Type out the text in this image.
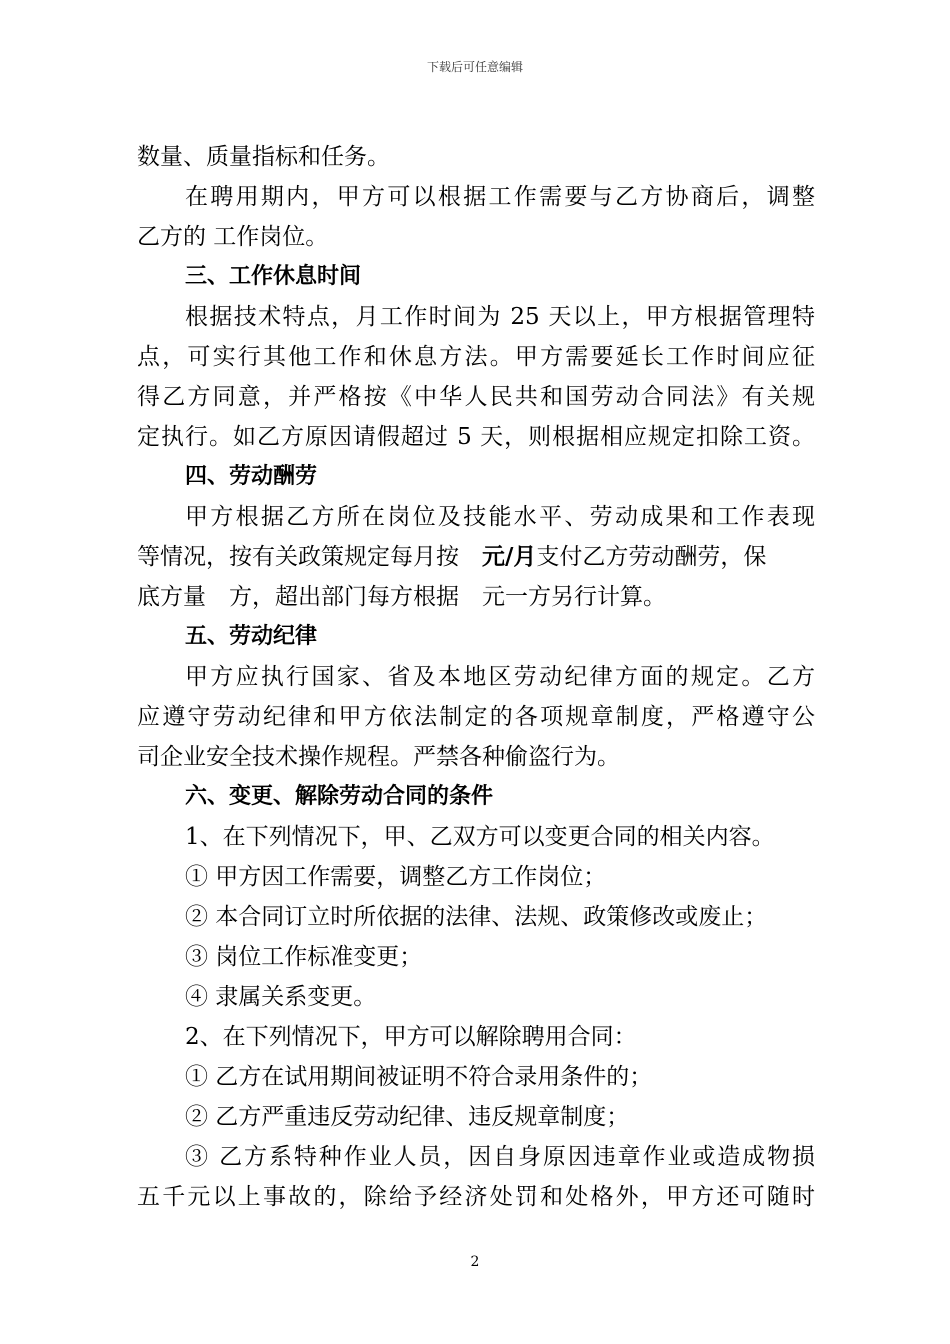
下载后可任意编辑
数量、质量指标和任务。
在聘用期内，甲方可以根据工作需要与乙方协商后，调整
乙方的 工作岗位。
三、工作休息时间
根据技术特点，月工作时间为 25 天以上，甲方根据管理特
点，可实行其他工作和休息方法。甲方需要延长工作时间应征
得乙方同意，并严格按《中华人民共和国劳动合同法》有关规
定执行。如乙方原因请假超过 5 天，则根据相应规定扣除工资。
四、劳动酬劳
甲方根据乙方所在岗位及技能水平、劳动成果和工作表现
等情况，按有关政策规定每月按　元/月支付乙方劳动酬劳，保
底方量　方，超出部门每方根据　元一方另行计算。
五、劳动纪律
甲方应执行国家、省及本地区劳动纪律方面的规定。乙方
应遵守劳动纪律和甲方依法制定的各项规章制度，严格遵守公
司企业安全技术操作规程。严禁各种偷盗行为。
六、变更、解除劳动合同的条件
1、在下列情况下，甲、乙双方可以变更合同的相关内容。
① 甲方因工作需要，调整乙方工作岗位；
② 本合同订立时所依据的法律、法规、政策修改或废止；
③ 岗位工作标准变更；
④ 隶属关系变更。
2、在下列情况下，甲方可以解除聘用合同：
① 乙方在试用期间被证明不符合录用条件的；
② 乙方严重违反劳动纪律、违反规章制度；
③ 乙方系特种作业人员，因自身原因违章作业或造成物损
五千元以上事故的，除给予经济处罚和处格外，甲方还可随时
2
